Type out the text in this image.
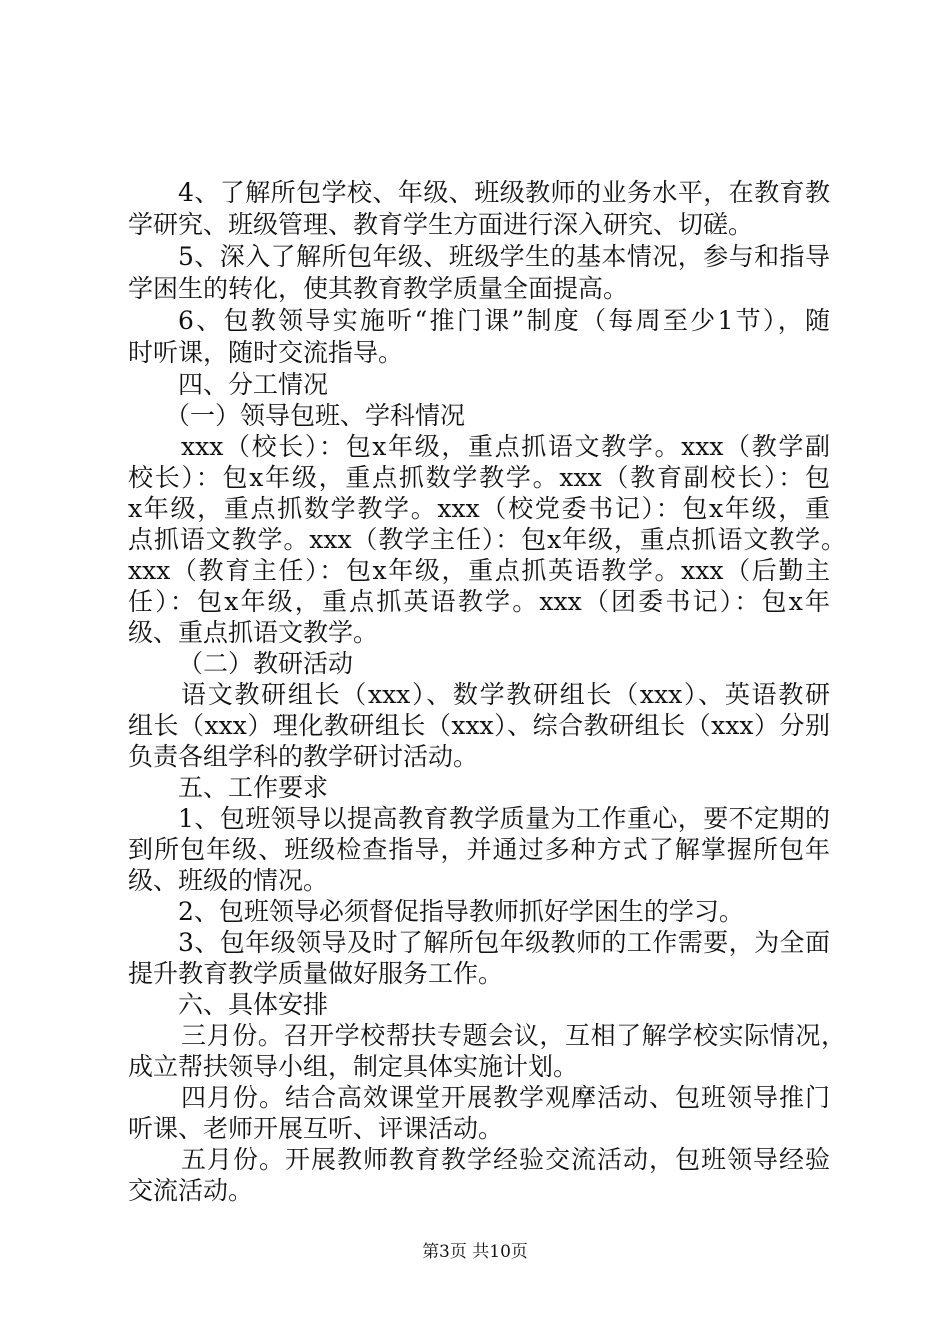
4、了解所包学校、年级、班级教师的业务水平，在教育教
学研究、班级管理、教育学生方面进行深入研究、切磋。
5、深入了解所包年级、班级学生的基本情况，参与和指导
学困生的转化，使其教育教学质量全面提高。
6、包教领导实施听“推门课”制度（每周至少1节），随
时听课，随时交流指导。
四、分工情况
（一）领导包班、学科情况
xxx（校长）：包x年级，重点抓语文教学。xxx（教学副
校长）：包x年级，重点抓数学教学。xxx（教育副校长）：包
x年级，重点抓数学教学。xxx（校党委书记）：包x年级，重
点抓语文教学。xxx（教学主任）：包x年级，重点抓语文教学。
xxx（教育主任）：包x年级，重点抓英语教学。xxx（后勤主
任）：包x年级，重点抓英语教学。xxx（团委书记）：包x年
级、重点抓语文教学。
（二）教研活动
语文教研组长（xxx）、数学教研组长（xxx）、英语教研
组长（xxx）理化教研组长（xxx）、综合教研组长（xxx）分别
负责各组学科的教学研讨活动。
五、工作要求
1、包班领导以提高教育教学质量为工作重心，要不定期的
到所包年级、班级检查指导，并通过多种方式了解掌握所包年
级、班级的情况。
2、包班领导必须督促指导教师抓好学困生的学习。
3、包年级领导及时了解所包年级教师的工作需要，为全面
提升教育教学质量做好服务工作。
六、具体安排
三月份。召开学校帮扶专题会议，互相了解学校实际情况，
成立帮扶领导小组，制定具体实施计划。
四月份。结合高效课堂开展教学观摩活动、包班领导推门
听课、老师开展互听、评课活动。
五月份。开展教师教育教学经验交流活动，包班领导经验
交流活动。
第3页 共10页
